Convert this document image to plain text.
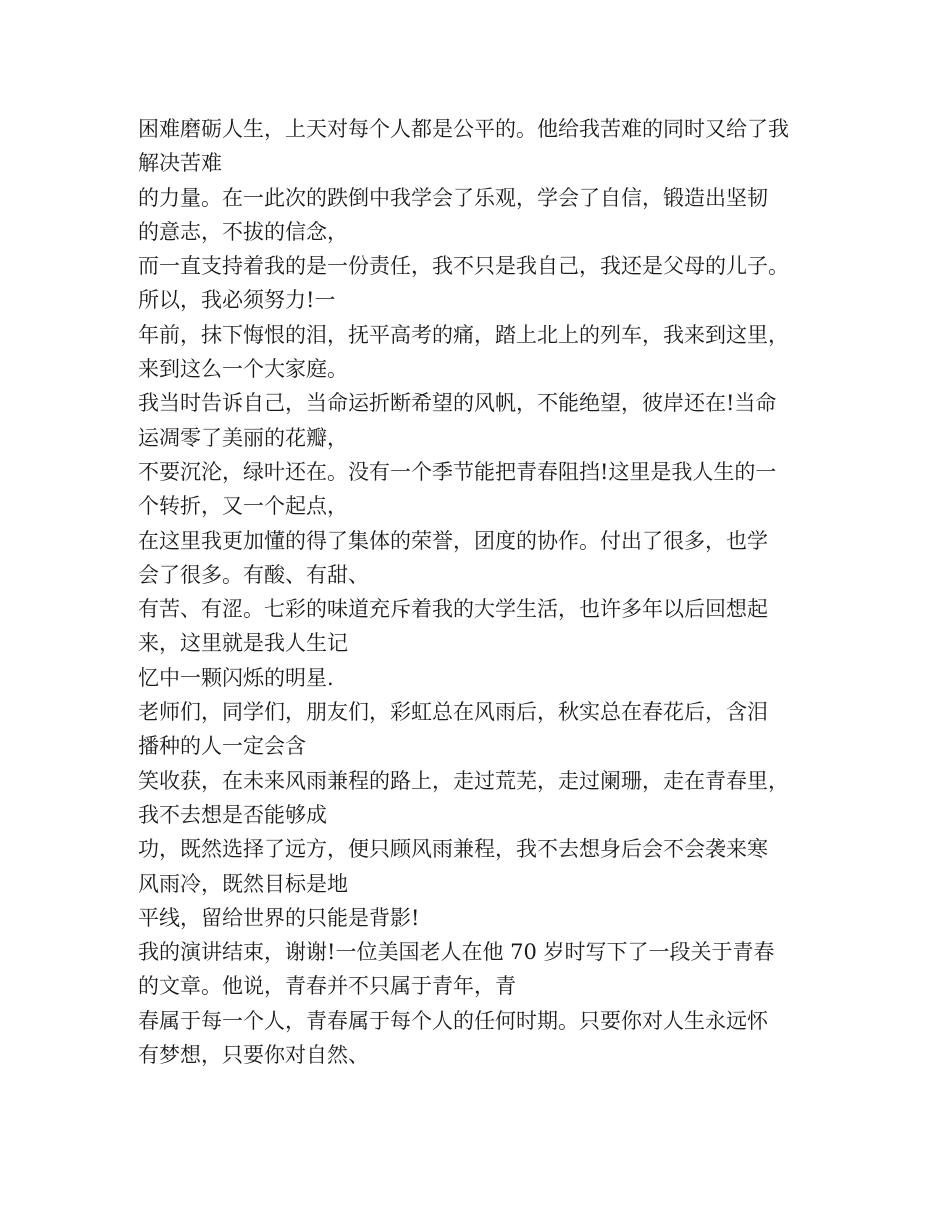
困难磨砺人生，上天对每个人都是公平的。他给我苦难的同时又给了我
解决苦难
的力量。在一此次的跌倒中我学会了乐观，学会了自信，锻造出坚韧
的意志，不拔的信念，
而一直支持着我的是一份责任，我不只是我自己，我还是父母的儿子。
所以，我必须努力!一
年前，抹下悔恨的泪，抚平高考的痛，踏上北上的列车，我来到这里，
来到这么一个大家庭。
我当时告诉自己，当命运折断希望的风帆，不能绝望，彼岸还在!当命
运凋零了美丽的花瓣，
不要沉沦，绿叶还在。没有一个季节能把青春阻挡!这里是我人生的一
个转折，又一个起点，
在这里我更加懂的得了集体的荣誉，团度的协作。付出了很多，也学
会了很多。有酸、有甜、
有苦、有涩。七彩的味道充斥着我的大学生活，也许多年以后回想起
来，这里就是我人生记
忆中一颗闪烁的明星.
老师们，同学们，朋友们，彩虹总在风雨后，秋实总在春花后，含泪
播种的人一定会含
笑收获，在未来风雨兼程的路上，走过荒芜，走过阑珊，走在青春里，
我不去想是否能够成
功，既然选择了远方，便只顾风雨兼程，我不去想身后会不会袭来寒
风雨冷，既然目标是地
平线，留给世界的只能是背影!
我的演讲结束，谢谢!一位美国老人在他 70 岁时写下了一段关于青春
的文章。他说，青春并不只属于青年，青
春属于每一个人，青春属于每个人的任何时期。只要你对人生永远怀
有梦想，只要你对自然、
